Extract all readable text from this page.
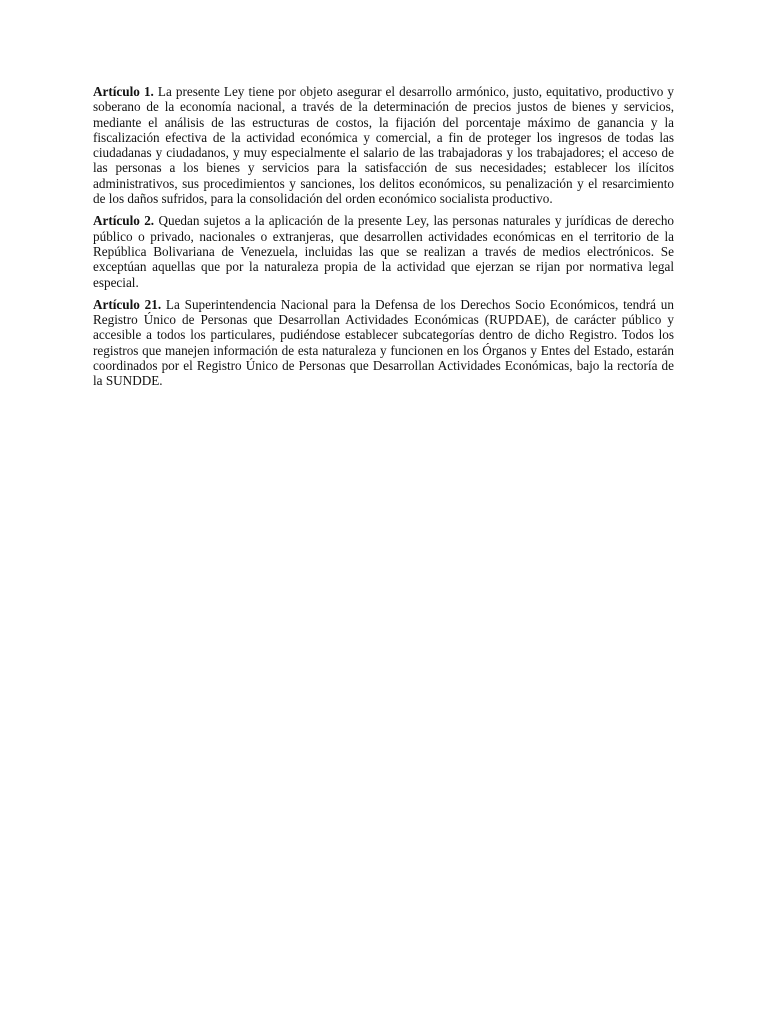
Artículo 1. La presente Ley tiene por objeto asegurar el desarrollo armónico, justo, equitativo, productivo y soberano de la economía nacional, a través de la determinación de precios justos de bienes y servicios, mediante el análisis de las estructuras de costos, la fijación del porcentaje máximo de ganancia y la fiscalización efectiva de la actividad económica y comercial, a fin de proteger los ingresos de todas las ciudadanas y ciudadanos, y muy especialmente el salario de las trabajadoras y los trabajadores; el acceso de las personas a los bienes y servicios para la satisfacción de sus necesidades; establecer los ilícitos administrativos, sus procedimientos y sanciones, los delitos económicos, su penalización y el resarcimiento de los daños sufridos, para la consolidación del orden económico socialista productivo.

Artículo 2. Quedan sujetos a la aplicación de la presente Ley, las personas naturales y jurídicas de derecho público o privado, nacionales o extranjeras, que desarrollen actividades económicas en el territorio de la República Bolivariana de Venezuela, incluidas las que se realizan a través de medios electrónicos. Se exceptúan aquellas que por la naturaleza propia de la actividad que ejerzan se rijan por normativa legal especial.

Artículo 21. La Superintendencia Nacional para la Defensa de los Derechos Socio Económicos, tendrá un Registro Único de Personas que Desarrollan Actividades Económicas (RUPDAE), de carácter público y accesible a todos los particulares, pudiéndose establecer subcategorías dentro de dicho Registro. Todos los registros que manejen información de esta naturaleza y funcionen en los Órganos y Entes del Estado, estarán coordinados por el Registro Único de Personas que Desarrollan Actividades Económicas, bajo la rectoría de la SUNDDE.
